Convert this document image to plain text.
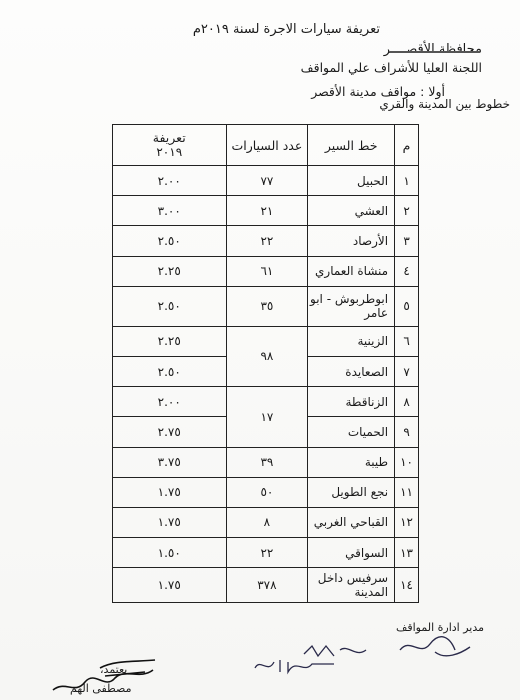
تعريفة سيارات الاجرة لسنة ٢٠١٩م
محافظة الأقصــــر
اللجنة العليا للأشراف علي المواقف
أولا : مواقف مدينة الأقصر
خطوط بين المدينة والقري
م	خط السير	عدد السيارات	تعريفة
٢٠١٩

١	الحبيل	٧٧	٢.٠٠
٢	العشي	٢١	٣.٠٠
٣	الأرصاد	٢٢	٢.٥٠
٤	منشاة العماري	٦١	٢.٢٥
٥	ابوطربوش - ابو عامر	٣٥	٢.٥٠
٦	الزينية	٩٨	٢.٢٥
٧	الصعايدة		٢.٥٠
٨	الزناقطة	١٧	٢.٠٠
٩	الحميات		٢.٧٥
١٠	طيبة	٣٩	٣.٧٥
١١	نجع الطويل	٥٠	١.٧٥
١٢	القباحي الغربي	٨	١.٧٥
١٣	السواقي	٢٢	١.٥٠
١٤	سرفيس داخل المدينة	٣٧٨	١.٧٥
مدير ادارة المواقف
يعتمد،
مصطفى الهم
